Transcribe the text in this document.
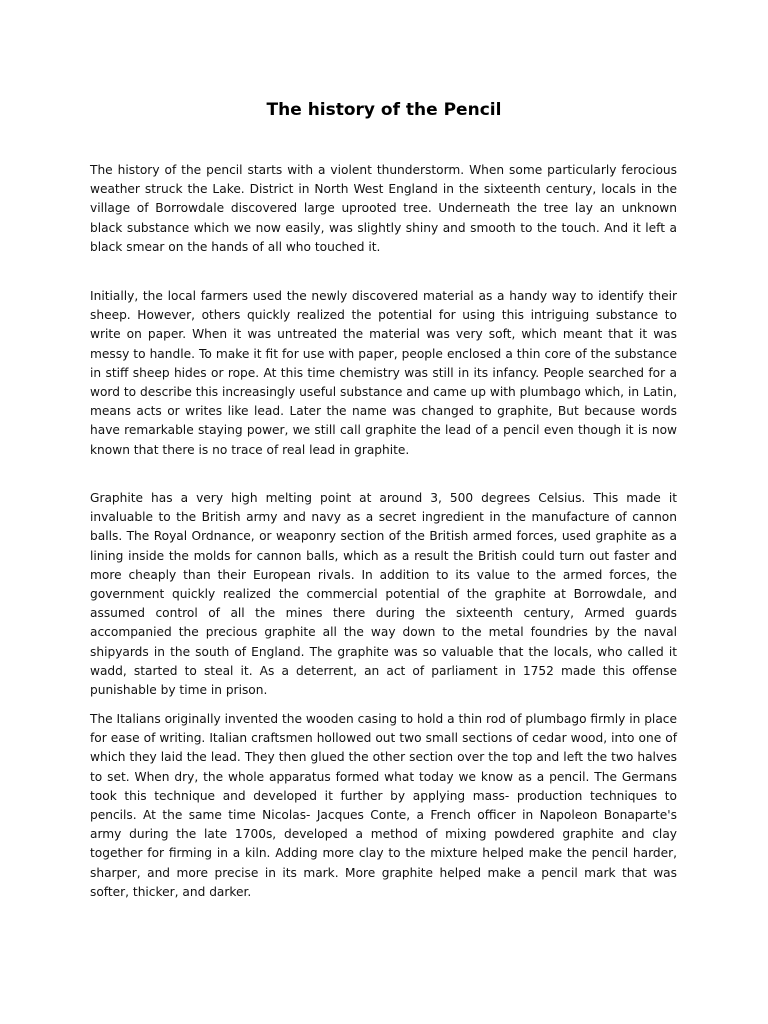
The history of the Pencil

The history of the pencil starts with a violent thunderstorm. When some particularly ferocious weather struck the Lake. District in North West England in the sixteenth century, locals in the village of Borrowdale discovered large uprooted tree. Underneath the tree lay an unknown black substance which we now easily, was slightly shiny and smooth to the touch. And it left a black smear on the hands of all who touched it.

Initially, the local farmers used the newly discovered material as a handy way to identify their sheep. However, others quickly realized the potential for using this intriguing substance to write on paper. When it was untreated the material was very soft, which meant that it was messy to handle. To make it fit for use with paper, people enclosed a thin core of the substance in stiff sheep hides or rope. At this time chemistry was still in its infancy. People searched for a word to describe this increasingly useful substance and came up with plumbago which, in Latin, means acts or writes like lead. Later the name was changed to graphite, But because words have remarkable staying power, we still call graphite the lead of a pencil even though it is now known that there is no trace of real lead in graphite.

Graphite has a very high melting point at around 3, 500 degrees Celsius. This made it invaluable to the British army and navy as a secret ingredient in the manufacture of cannon balls. The Royal Ordnance, or weaponry section of the British armed forces, used graphite as a lining inside the molds for cannon balls, which as a result the British could turn out faster and more cheaply than their European rivals. In addition to its value to the armed forces, the government quickly realized the commercial potential of the graphite at Borrowdale, and assumed control of all the mines there during the sixteenth century, Armed guards accompanied the precious graphite all the way down to the metal foundries by the naval shipyards in the south of England. The graphite was so valuable that the locals, who called it wadd, started to steal it. As a deterrent, an act of parliament in 1752 made this offense punishable by time in prison.

The Italians originally invented the wooden casing to hold a thin rod of plumbago firmly in place for ease of writing. Italian craftsmen hollowed out two small sections of cedar wood, into one of which they laid the lead. They then glued the other section over the top and left the two halves to set. When dry, the whole apparatus formed what today we know as a pencil. The Germans took this technique and developed it further by applying mass- production techniques to pencils. At the same time Nicolas- Jacques Conte, a French officer in Napoleon Bonaparte's army during the late 1700s, developed a method of mixing powdered graphite and clay together for firming in a kiln. Adding more clay to the mixture helped make the pencil harder, sharper, and more precise in its mark. More graphite helped make a pencil mark that was softer, thicker, and darker.
